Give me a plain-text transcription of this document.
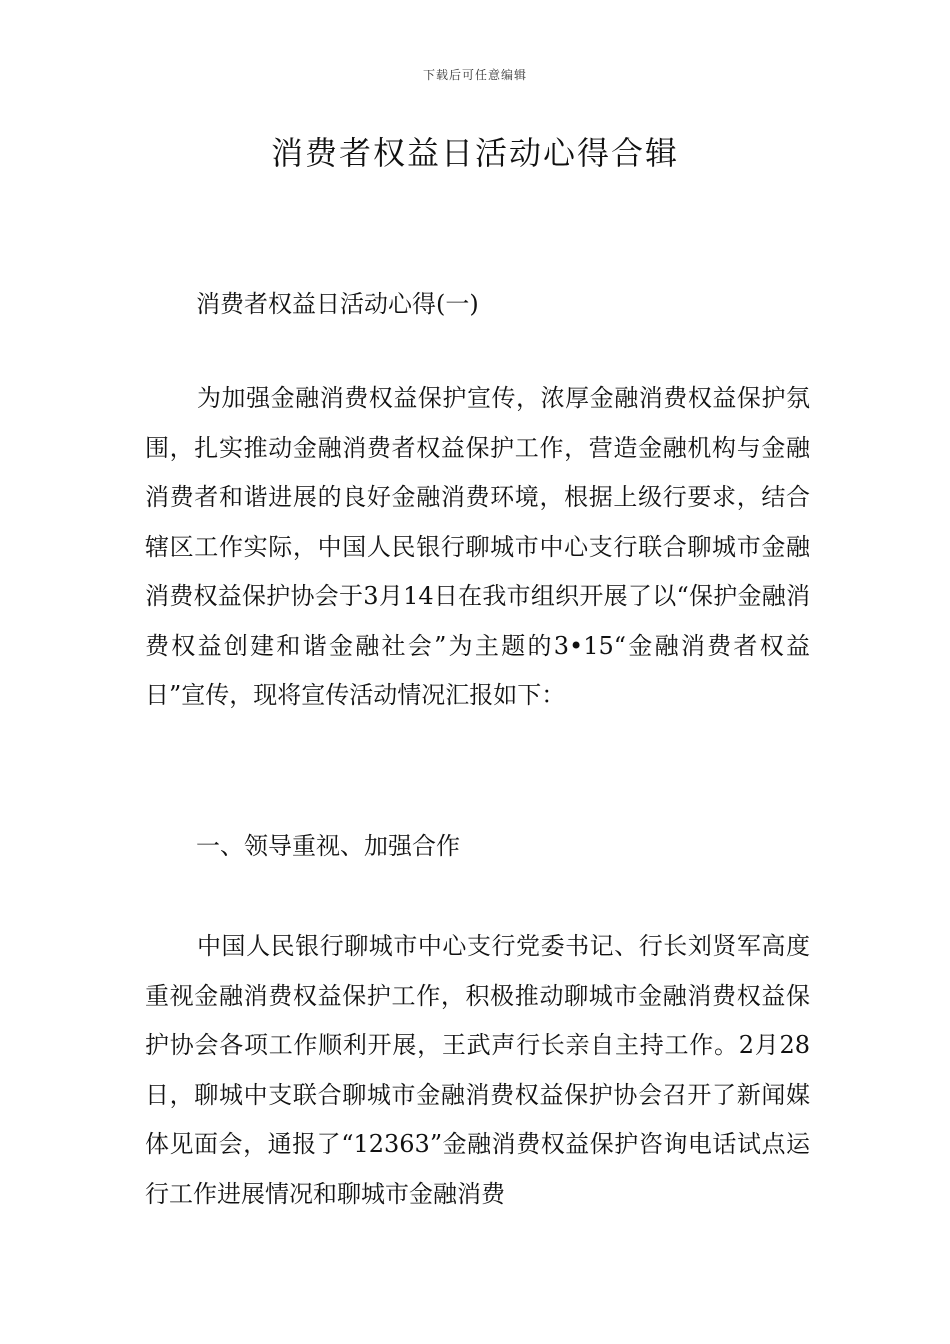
下载后可任意编辑
消费者权益日活动心得合辑

消费者权益日活动心得(一)

为加强金融消费权益保护宣传，浓厚金融消费权益保护氛围，扎实推动金融消费者权益保护工作，营造金融机构与金融消费者和谐进展的良好金融消费环境，根据上级行要求，结合辖区工作实际，中国人民银行聊城市中心支行联合聊城市金融消费权益保护协会于3月14日在我市组织开展了以“保护金融消费权益创建和谐金融社会”为主题的3•15“金融消费者权益日”宣传，现将宣传活动情况汇报如下：

一、领导重视、加强合作

中国人民银行聊城市中心支行党委书记、行长刘贤军高度重视金融消费权益保护工作，积极推动聊城市金融消费权益保护协会各项工作顺利开展，王武声行长亲自主持工作。2月28日，聊城中支联合聊城市金融消费权益保护协会召开了新闻媒体见面会，通报了“12363”金融消费权益保护咨询电话试点运行工作进展情况和聊城市金融消费
